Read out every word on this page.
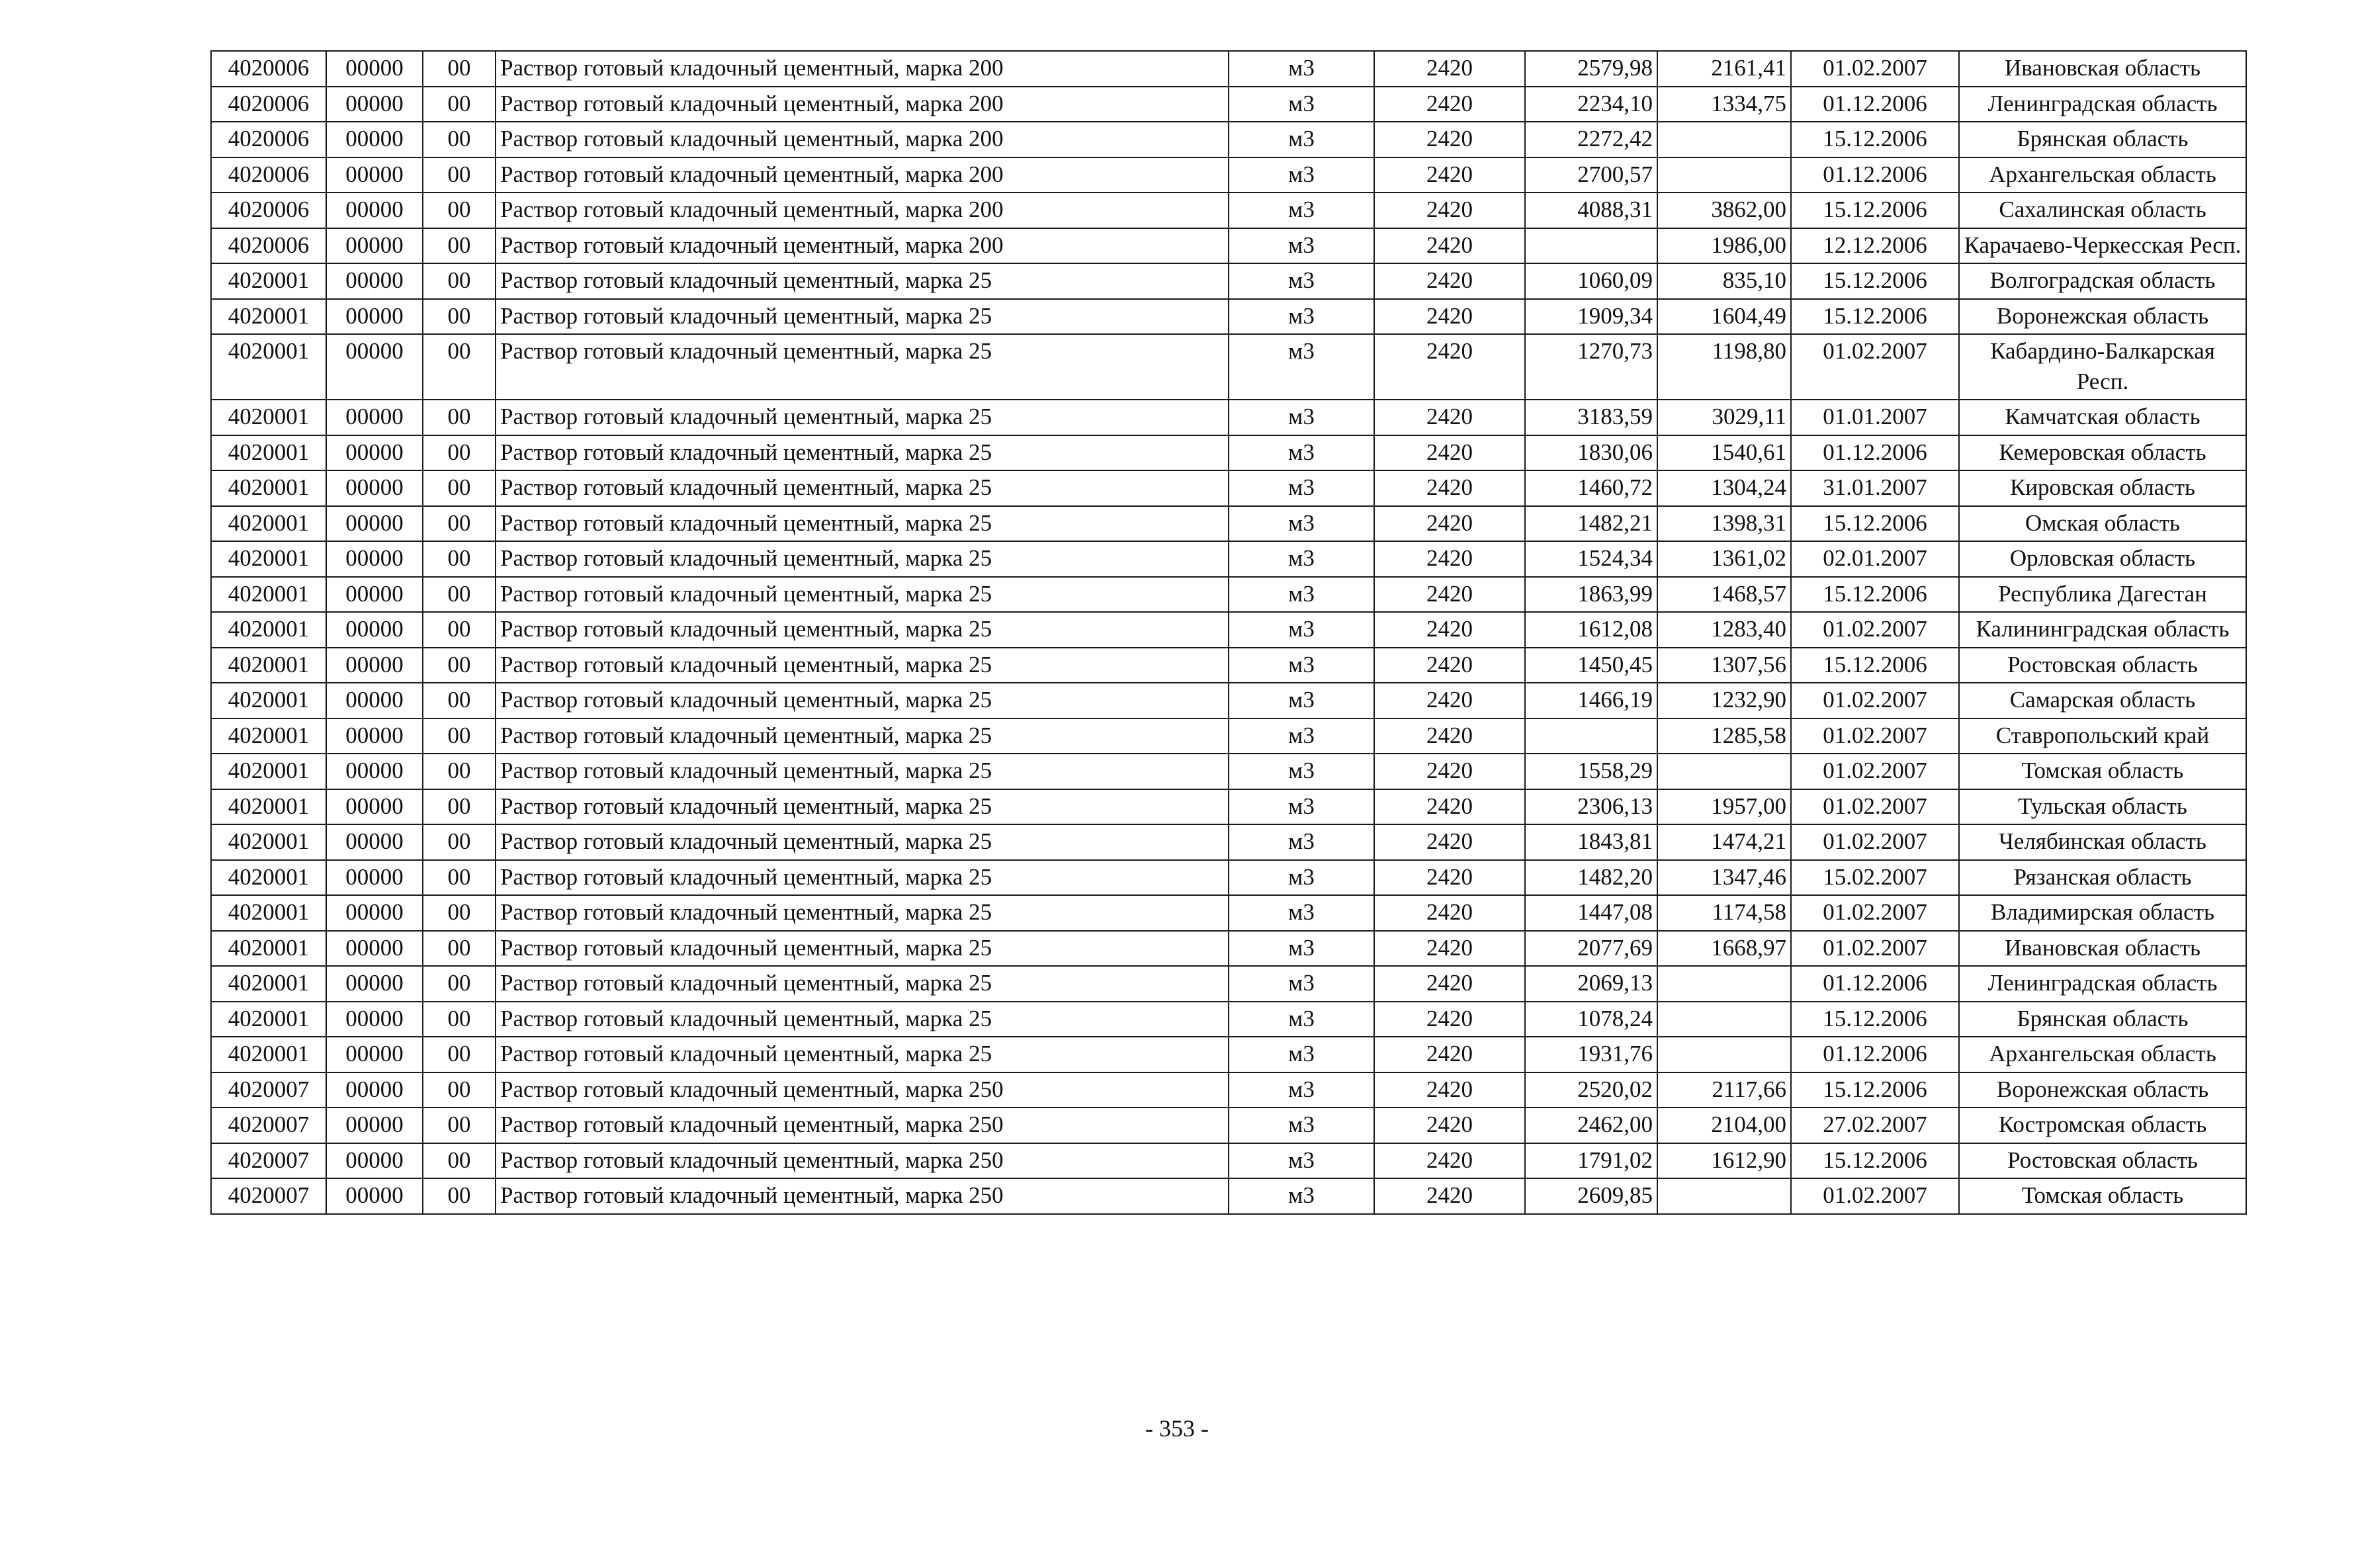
4020006	00000	00	Раствор готовый кладочный цементный, марка 200	м3	2420	2579,98	2161,41	01.02.2007	Ивановская область
4020006	00000	00	Раствор готовый кладочный цементный, марка 200	м3	2420	2234,10	1334,75	01.12.2006	Ленинградская область
4020006	00000	00	Раствор готовый кладочный цементный, марка 200	м3	2420	2272,42		15.12.2006	Брянская область
4020006	00000	00	Раствор готовый кладочный цементный, марка 200	м3	2420	2700,57		01.12.2006	Архангельская область
4020006	00000	00	Раствор готовый кладочный цементный, марка 200	м3	2420	4088,31	3862,00	15.12.2006	Сахалинская область
4020006	00000	00	Раствор готовый кладочный цементный, марка 200	м3	2420		1986,00	12.12.2006	Карачаево-Черкесская Респ.
4020001	00000	00	Раствор готовый кладочный цементный, марка 25	м3	2420	1060,09	835,10	15.12.2006	Волгоградская область
4020001	00000	00	Раствор готовый кладочный цементный, марка 25	м3	2420	1909,34	1604,49	15.12.2006	Воронежская область
4020001	00000	00	Раствор готовый кладочный цементный, марка 25	м3	2420	1270,73	1198,80	01.02.2007	Кабардино-Балкарская Респ.
4020001	00000	00	Раствор готовый кладочный цементный, марка 25	м3	2420	3183,59	3029,11	01.01.2007	Камчатская область
4020001	00000	00	Раствор готовый кладочный цементный, марка 25	м3	2420	1830,06	1540,61	01.12.2006	Кемеровская область
4020001	00000	00	Раствор готовый кладочный цементный, марка 25	м3	2420	1460,72	1304,24	31.01.2007	Кировская область
4020001	00000	00	Раствор готовый кладочный цементный, марка 25	м3	2420	1482,21	1398,31	15.12.2006	Омская область
4020001	00000	00	Раствор готовый кладочный цементный, марка 25	м3	2420	1524,34	1361,02	02.01.2007	Орловская область
4020001	00000	00	Раствор готовый кладочный цементный, марка 25	м3	2420	1863,99	1468,57	15.12.2006	Республика Дагестан
4020001	00000	00	Раствор готовый кладочный цементный, марка 25	м3	2420	1612,08	1283,40	01.02.2007	Калининградская область
4020001	00000	00	Раствор готовый кладочный цементный, марка 25	м3	2420	1450,45	1307,56	15.12.2006	Ростовская область
4020001	00000	00	Раствор готовый кладочный цементный, марка 25	м3	2420	1466,19	1232,90	01.02.2007	Самарская область
4020001	00000	00	Раствор готовый кладочный цементный, марка 25	м3	2420		1285,58	01.02.2007	Ставропольский край
4020001	00000	00	Раствор готовый кладочный цементный, марка 25	м3	2420	1558,29		01.02.2007	Томская область
4020001	00000	00	Раствор готовый кладочный цементный, марка 25	м3	2420	2306,13	1957,00	01.02.2007	Тульская область
4020001	00000	00	Раствор готовый кладочный цементный, марка 25	м3	2420	1843,81	1474,21	01.02.2007	Челябинская область
4020001	00000	00	Раствор готовый кладочный цементный, марка 25	м3	2420	1482,20	1347,46	15.02.2007	Рязанская область
4020001	00000	00	Раствор готовый кладочный цементный, марка 25	м3	2420	1447,08	1174,58	01.02.2007	Владимирская область
4020001	00000	00	Раствор готовый кладочный цементный, марка 25	м3	2420	2077,69	1668,97	01.02.2007	Ивановская область
4020001	00000	00	Раствор готовый кладочный цементный, марка 25	м3	2420	2069,13		01.12.2006	Ленинградская область
4020001	00000	00	Раствор готовый кладочный цементный, марка 25	м3	2420	1078,24		15.12.2006	Брянская область
4020001	00000	00	Раствор готовый кладочный цементный, марка 25	м3	2420	1931,76		01.12.2006	Архангельская область
4020007	00000	00	Раствор готовый кладочный цементный, марка 250	м3	2420	2520,02	2117,66	15.12.2006	Воронежская область
4020007	00000	00	Раствор готовый кладочный цементный, марка 250	м3	2420	2462,00	2104,00	27.02.2007	Костромская область
4020007	00000	00	Раствор готовый кладочный цементный, марка 250	м3	2420	1791,02	1612,90	15.12.2006	Ростовская область
4020007	00000	00	Раствор готовый кладочный цементный, марка 250	м3	2420	2609,85		01.02.2007	Томская область
- 353 -
